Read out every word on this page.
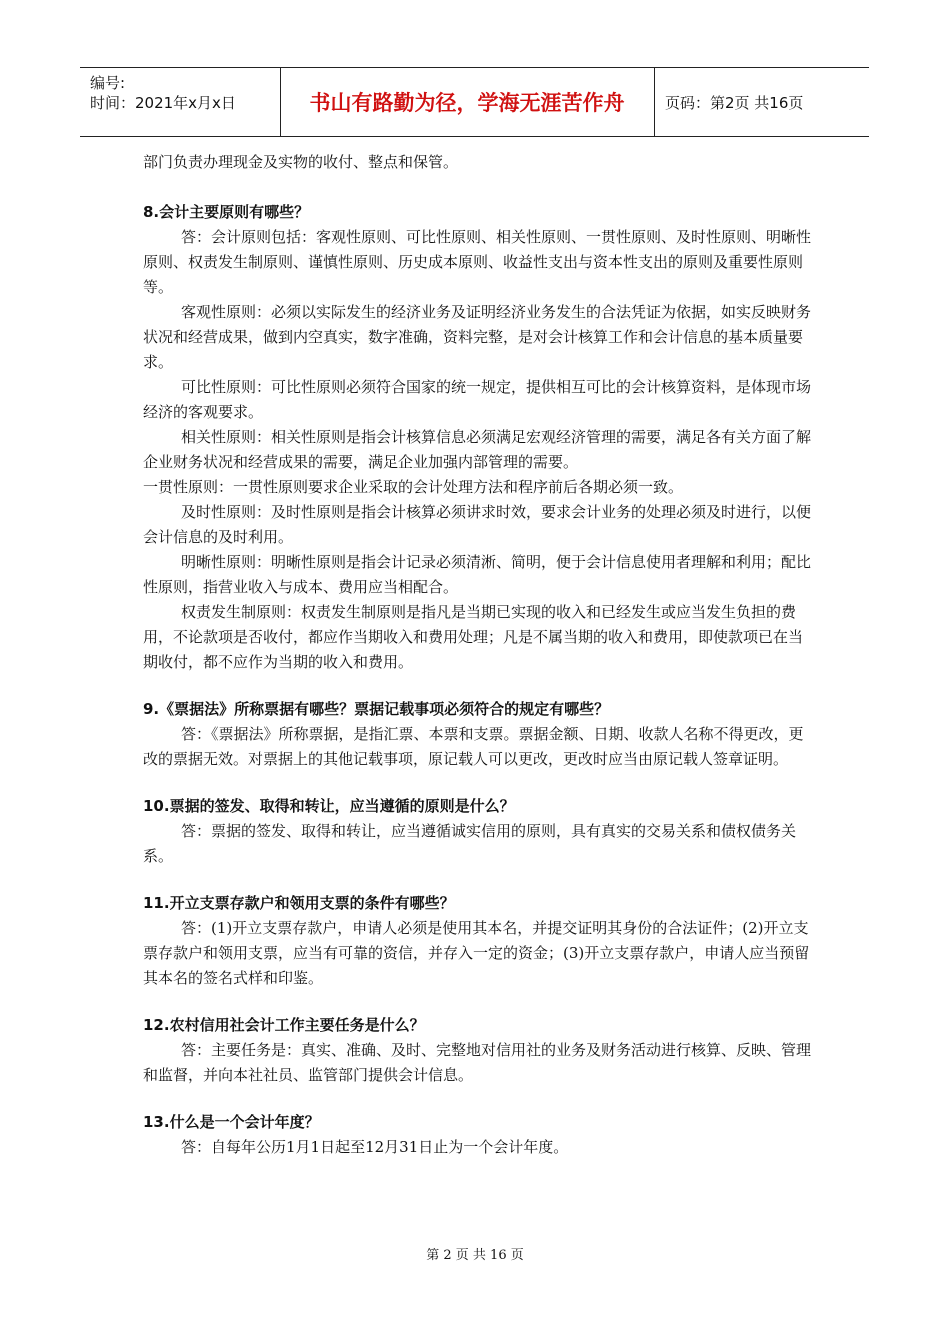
编号:
时间：2021年x月x日	书山有路勤为径，学海无涯苦作舟	页码：第2页 共16页

部门负责办理现金及实物的收付、整点和保管。

8.会计主要原则有哪些？

答：会计原则包括：客观性原则、可比性原则、相关性原则、一贯性原则、及时性原则、明晰性原则、权责发生制原则、谨慎性原则、历史成本原则、收益性支出与资本性支出的原则及重要性原则等。

客观性原则：必须以实际发生的经济业务及证明经济业务发生的合法凭证为依据，如实反映财务状况和经营成果，做到内空真实，数字准确，资料完整，是对会计核算工作和会计信息的基本质量要求。

可比性原则：可比性原则必须符合国家的统一规定，提供相互可比的会计核算资料，是体现市场经济的客观要求。

相关性原则：相关性原则是指会计核算信息必须满足宏观经济管理的需要，满足各有关方面了解企业财务状况和经营成果的需要，满足企业加强内部管理的需要。

一贯性原则：一贯性原则要求企业采取的会计处理方法和程序前后各期必须一致。

及时性原则：及时性原则是指会计核算必须讲求时效，要求会计业务的处理必须及时进行，以便会计信息的及时利用。

明晰性原则：明晰性原则是指会计记录必须清淅、简明，便于会计信息使用者理解和利用；配比性原则，指营业收入与成本、费用应当相配合。

权责发生制原则：权责发生制原则是指凡是当期已实现的收入和已经发生或应当发生负担的费用，不论款项是否收付，都应作当期收入和费用处理；凡是不属当期的收入和费用，即使款项已在当期收付，都不应作为当期的收入和费用。

9.《票据法》所称票据有哪些？票据记载事项必须符合的规定有哪些？

答：《票据法》所称票据，是指汇票、本票和支票。票据金额、日期、收款人名称不得更改，更改的票据无效。对票据上的其他记载事项，原记载人可以更改，更改时应当由原记载人签章证明。

10.票据的签发、取得和转让，应当遵循的原则是什么？

答：票据的签发、取得和转让，应当遵循诚实信用的原则，具有真实的交易关系和债权债务关系。

11.开立支票存款户和领用支票的条件有哪些？

答：(1)开立支票存款户，申请人必须是使用其本名，并提交证明其身份的合法证件；(2)开立支票存款户和领用支票，应当有可靠的资信，并存入一定的资金；(3)开立支票存款户，申请人应当预留其本名的签名式样和印鉴。

12.农村信用社会计工作主要任务是什么？

答：主要任务是：真实、准确、及时、完整地对信用社的业务及财务活动进行核算、反映、管理和监督，并向本社社员、监管部门提供会计信息。

13.什么是一个会计年度？

答：自每年公历1月1日起至12月31日止为一个会计年度。

第 2 页 共 16 页
